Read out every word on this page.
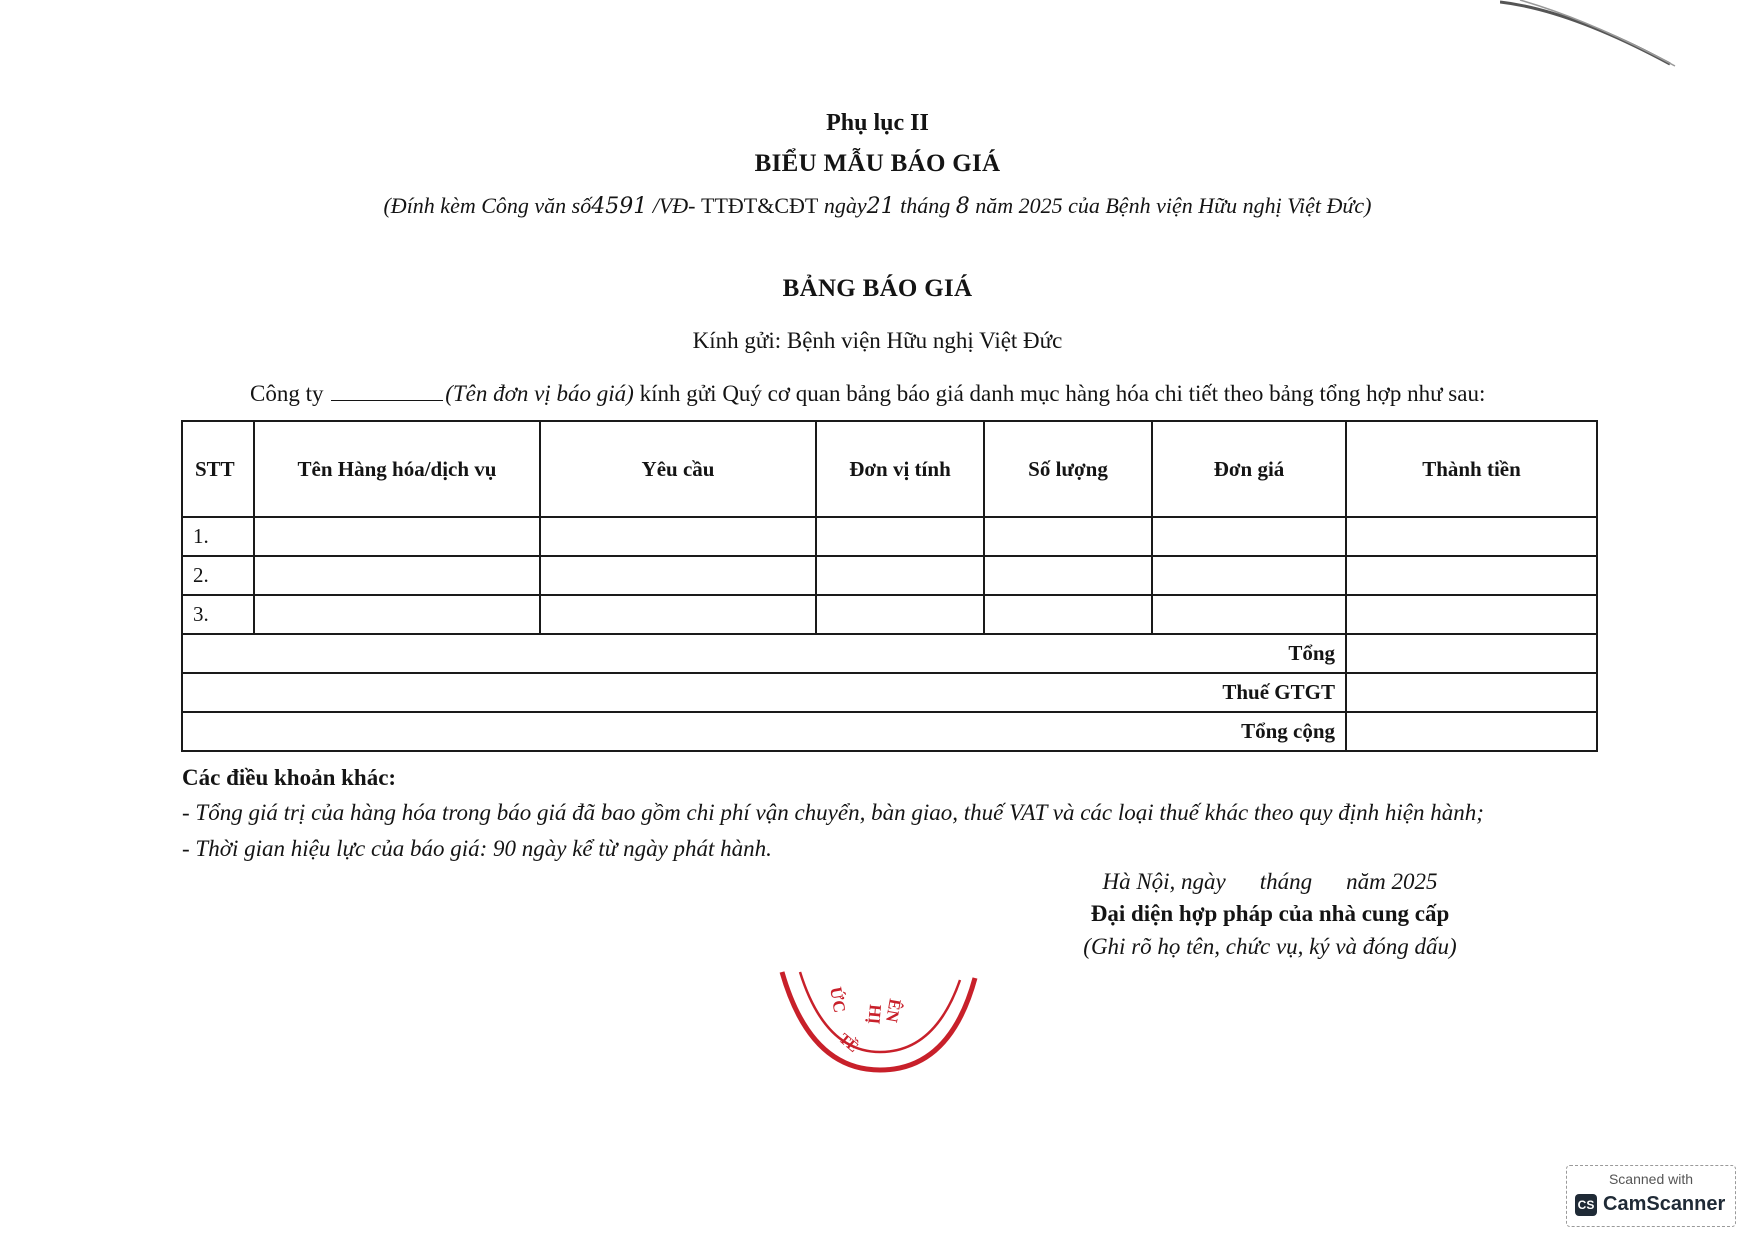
Phụ lục II
BIỂU MẪU BÁO GIÁ
(Đính kèm Công văn số4591 /VĐ- TTĐT&CĐT ngày21 tháng 8 năm 2025 của Bệnh viện Hữu nghị Việt Đức)
BẢNG BÁO GIÁ
Kính gửi: Bệnh viện Hữu nghị Việt Đức
Công ty	(Tên đơn vị báo giá) kính gửi Quý cơ quan bảng báo giá danh mục hàng hóa chi tiết theo bảng tổng hợp như sau:
STT	Tên Hàng hóa/dịch vụ	Yêu cầu	Đơn vị tính	Số lượng	Đơn giá	Thành tiền
1.						
2.						
3.						
Tổng						
Thuế GTGT						
Tổng cộng						
Các điều khoản khác:
- Tổng giá trị của hàng hóa trong báo giá đã bao gồm chi phí vận chuyển, bàn giao, thuế VAT và các loại thuế khác theo quy định hiện hành;
- Thời gian hiệu lực của báo giá: 90 ngày kể từ ngày phát hành.
Hà Nội, ngày tháng năm 2025
Đại diện hợp pháp của nhà cung cấp
(Ghi rõ họ tên, chức vụ, ký và đóng dấu)
ÊN
HỊ
ỨC
TỀ
Scanned with
CS CamScanner
